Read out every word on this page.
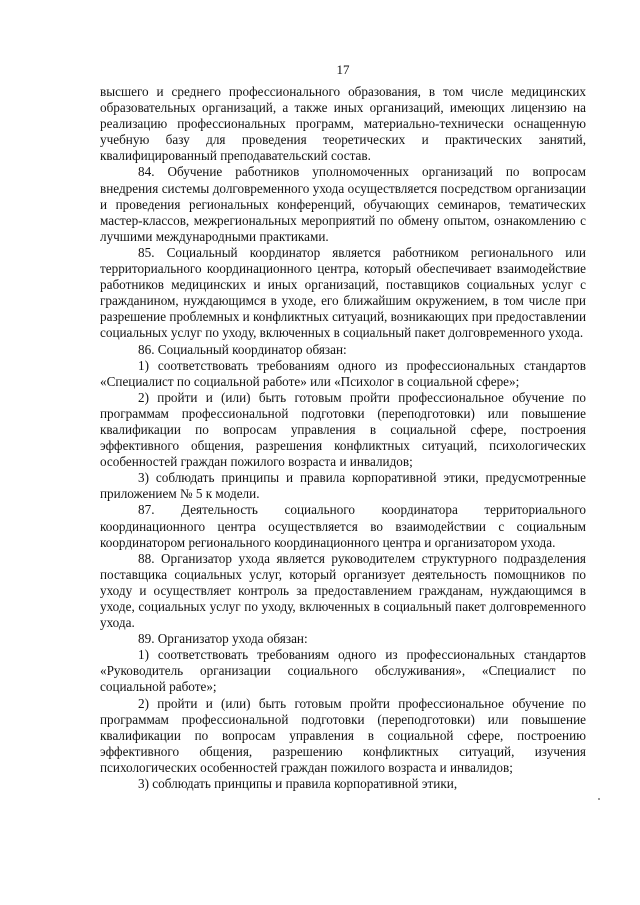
17

высшего и среднего профессионального образования, в том числе медицинских образовательных организаций, а также иных организаций, имеющих лицензию на реализацию профессиональных программ, материально-технически оснащенную учебную базу для проведения теоретических и практических занятий, квалифицированный преподавательский состав.

84. Обучение работников уполномоченных организаций по вопросам внедрения системы долговременного ухода осуществляется посредством организации и проведения региональных конференций, обучающих семинаров, тематических мастер-классов, межрегиональных мероприятий по обмену опытом, ознакомлению с лучшими международными практиками.

85. Социальный координатор является работником регионального или территориального координационного центра, который обеспечивает взаимодействие работников медицинских и иных организаций, поставщиков социальных услуг с гражданином, нуждающимся в уходе, его ближайшим окружением, в том числе при разрешение проблемных и конфликтных ситуаций, возникающих при предоставлении социальных услуг по уходу, включенных в социальный пакет долговременного ухода.

86. Социальный координатор обязан:

1) соответствовать требованиям одного из профессиональных стандартов «Специалист по социальной работе» или «Психолог в социальной сфере»;

2) пройти и (или) быть готовым пройти профессиональное обучение по программам профессиональной подготовки (переподготовки) или повышение квалификации по вопросам управления в социальной сфере, построения эффективного общения, разрешения конфликтных ситуаций, психологических особенностей граждан пожилого возраста и инвалидов;

3) соблюдать принципы и правила корпоративной этики, предусмотренные приложением № 5 к модели.

87. Деятельность социального координатора территориального координационного центра осуществляется во взаимодействии с социальным координатором регионального координационного центра и организатором ухода.

88. Организатор ухода является руководителем структурного подразделения поставщика социальных услуг, который организует деятельность помощников по уходу и осуществляет контроль за предоставлением гражданам, нуждающимся в уходе, социальных услуг по уходу, включенных в социальный пакет долговременного ухода.

89. Организатор ухода обязан:

1) соответствовать требованиям одного из профессиональных стандартов «Руководитель организации социального обслуживания», «Специалист по социальной работе»;

2) пройти и (или) быть готовым пройти профессиональное обучение по программам профессиональной подготовки (переподготовки) или повышение квалификации по вопросам управления в социальной сфере, построению эффективного общения, разрешению конфликтных ситуаций, изучения психологических особенностей граждан пожилого возраста и инвалидов;

3) соблюдать принципы и правила корпоративной этики,
